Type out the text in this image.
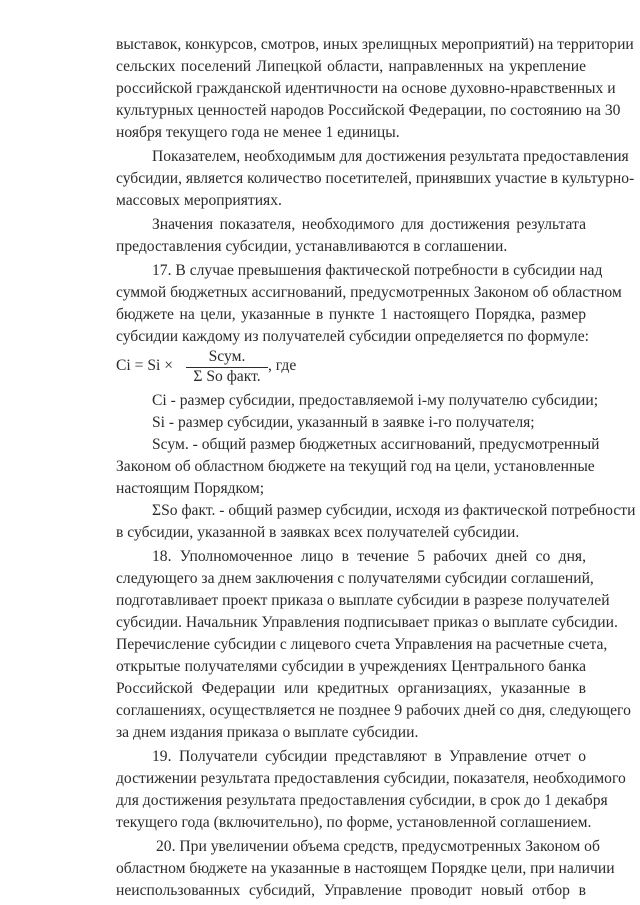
выставок, конкурсов, смотров, иных зрелищных мероприятий) на территории

сельских поселений Липецкой области, направленных на укрепление

российской гражданской идентичности на основе духовно-нравственных и

культурных ценностей народов Российской Федерации, по состоянию на 30

ноября текущего года не менее 1 единицы.

Показателем, необходимым для достижения результата предоставления

субсидии, является количество посетителей, принявших участие в культурно-

массовых мероприятиях.

Значения показателя, необходимого для достижения результата

предоставления субсидии, устанавливаются в соглашении.

17. В случае превышения фактической потребности в субсидии над

суммой бюджетных ассигнований, предусмотренных Законом об областном

бюджете на цели, указанные в пункте 1 настоящего Порядка, размер

субсидии каждому из получателей субсидии определяется по формуле:

Ci = Si ×
Sсум.
Σ So факт.
, где

Ci - размер субсидии, предоставляемой i-му получателю субсидии;

Si - размер субсидии, указанный в заявке i-го получателя;

Sсум. - общий размер бюджетных ассигнований, предусмотренный

Законом об областном бюджете на текущий год на цели, установленные

настоящим Порядком;

ΣSo факт. - общий размер субсидии, исходя из фактической потребности

в субсидии, указанной в заявках всех получателей субсидии.

18. Уполномоченное лицо в течение 5 рабочих дней со дня,

следующего за днем заключения с получателями субсидии соглашений,

подготавливает проект приказа о выплате субсидии в разрезе получателей

субсидии. Начальник Управления подписывает приказ о выплате субсидии.

Перечисление субсидии с лицевого счета Управления на расчетные счета,

открытые получателями субсидии в учреждениях Центрального банка

Российской Федерации или кредитных организациях, указанные в

соглашениях, осуществляется не позднее 9 рабочих дней со дня, следующего

за днем издания приказа о выплате субсидии.

19. Получатели субсидии представляют в Управление отчет о

достижении результата предоставления субсидии, показателя, необходимого

для достижения результата предоставления субсидии, в срок до 1 декабря

текущего года (включительно), по форме, установленной соглашением.

20. При увеличении объема средств, предусмотренных Законом об

областном бюджете на указанные в настоящем Порядке цели, при наличии

неиспользованных субсидий, Управление проводит новый отбор в
